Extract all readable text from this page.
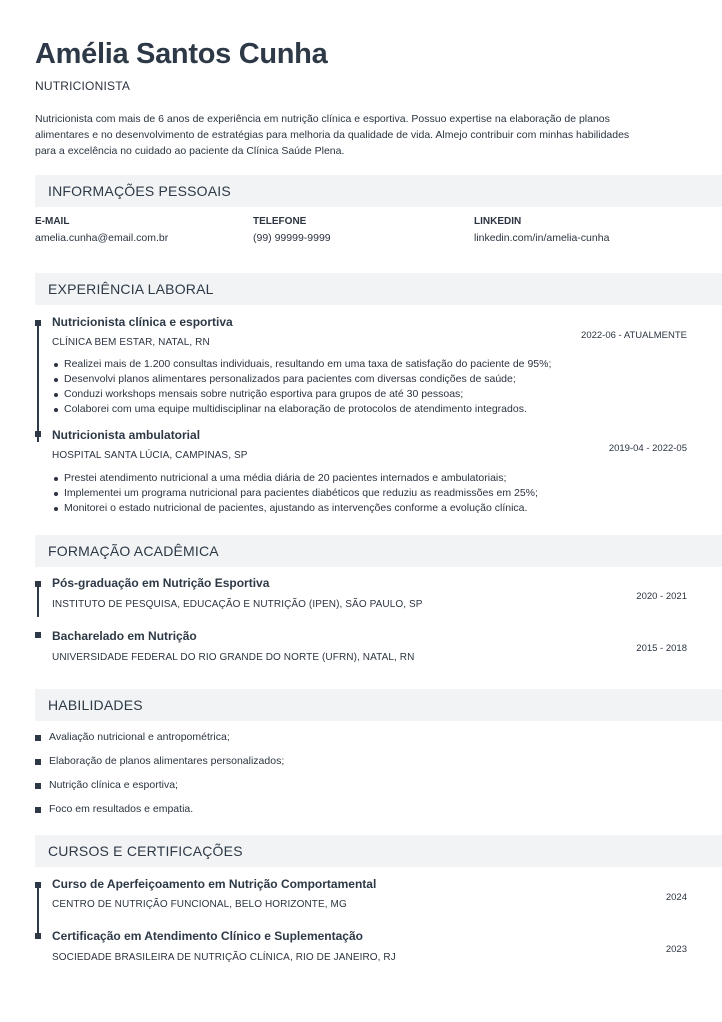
Amélia Santos Cunha
NUTRICIONISTA
Nutricionista com mais de 6 anos de experiência em nutrição clínica e esportiva. Possuo expertise na elaboração de planos alimentares e no desenvolvimento de estratégias para melhoria da qualidade de vida. Almejo contribuir com minhas habilidades para a excelência no cuidado ao paciente da Clínica Saúde Plena.
INFORMAÇÕES PESSOAIS
E-MAIL
amelia.cunha@email.com.br
TELEFONE
(99) 99999-9999
LINKEDIN
linkedin.com/in/amelia-cunha
EXPERIÊNCIA LABORAL
Nutricionista clínica e esportiva
CLÍNICA BEM ESTAR, NATAL, RN
2022-06 - ATUALMENTE
Realizei mais de 1.200 consultas individuais, resultando em uma taxa de satisfação do paciente de 95%;
Desenvolvi planos alimentares personalizados para pacientes com diversas condições de saúde;
Conduzi workshops mensais sobre nutrição esportiva para grupos de até 30 pessoas;
Colaborei com uma equipe multidisciplinar na elaboração de protocolos de atendimento integrados.
Nutricionista ambulatorial
HOSPITAL SANTA LÚCIA, CAMPINAS, SP
2019-04 - 2022-05
Prestei atendimento nutricional a uma média diária de 20 pacientes internados e ambulatoriais;
Implementei um programa nutricional para pacientes diabéticos que reduziu as readmissões em 25%;
Monitorei o estado nutricional de pacientes, ajustando as intervenções conforme a evolução clínica.
FORMAÇÃO ACADÊMICA
Pós-graduação em Nutrição Esportiva
INSTITUTO DE PESQUISA, EDUCAÇÃO E NUTRIÇÃO (IPEN), SÃO PAULO, SP
2020 - 2021
Bacharelado em Nutrição
UNIVERSIDADE FEDERAL DO RIO GRANDE DO NORTE (UFRN), NATAL, RN
2015 - 2018
HABILIDADES
Avaliação nutricional e antropométrica;
Elaboração de planos alimentares personalizados;
Nutrição clínica e esportiva;
Foco em resultados e empatia.
CURSOS E CERTIFICAÇÕES
Curso de Aperfeiçoamento em Nutrição Comportamental
CENTRO DE NUTRIÇÃO FUNCIONAL, BELO HORIZONTE, MG
2024
Certificação em Atendimento Clínico e Suplementação
SOCIEDADE BRASILEIRA DE NUTRIÇÃO CLÍNICA, RIO DE JANEIRO, RJ
2023
